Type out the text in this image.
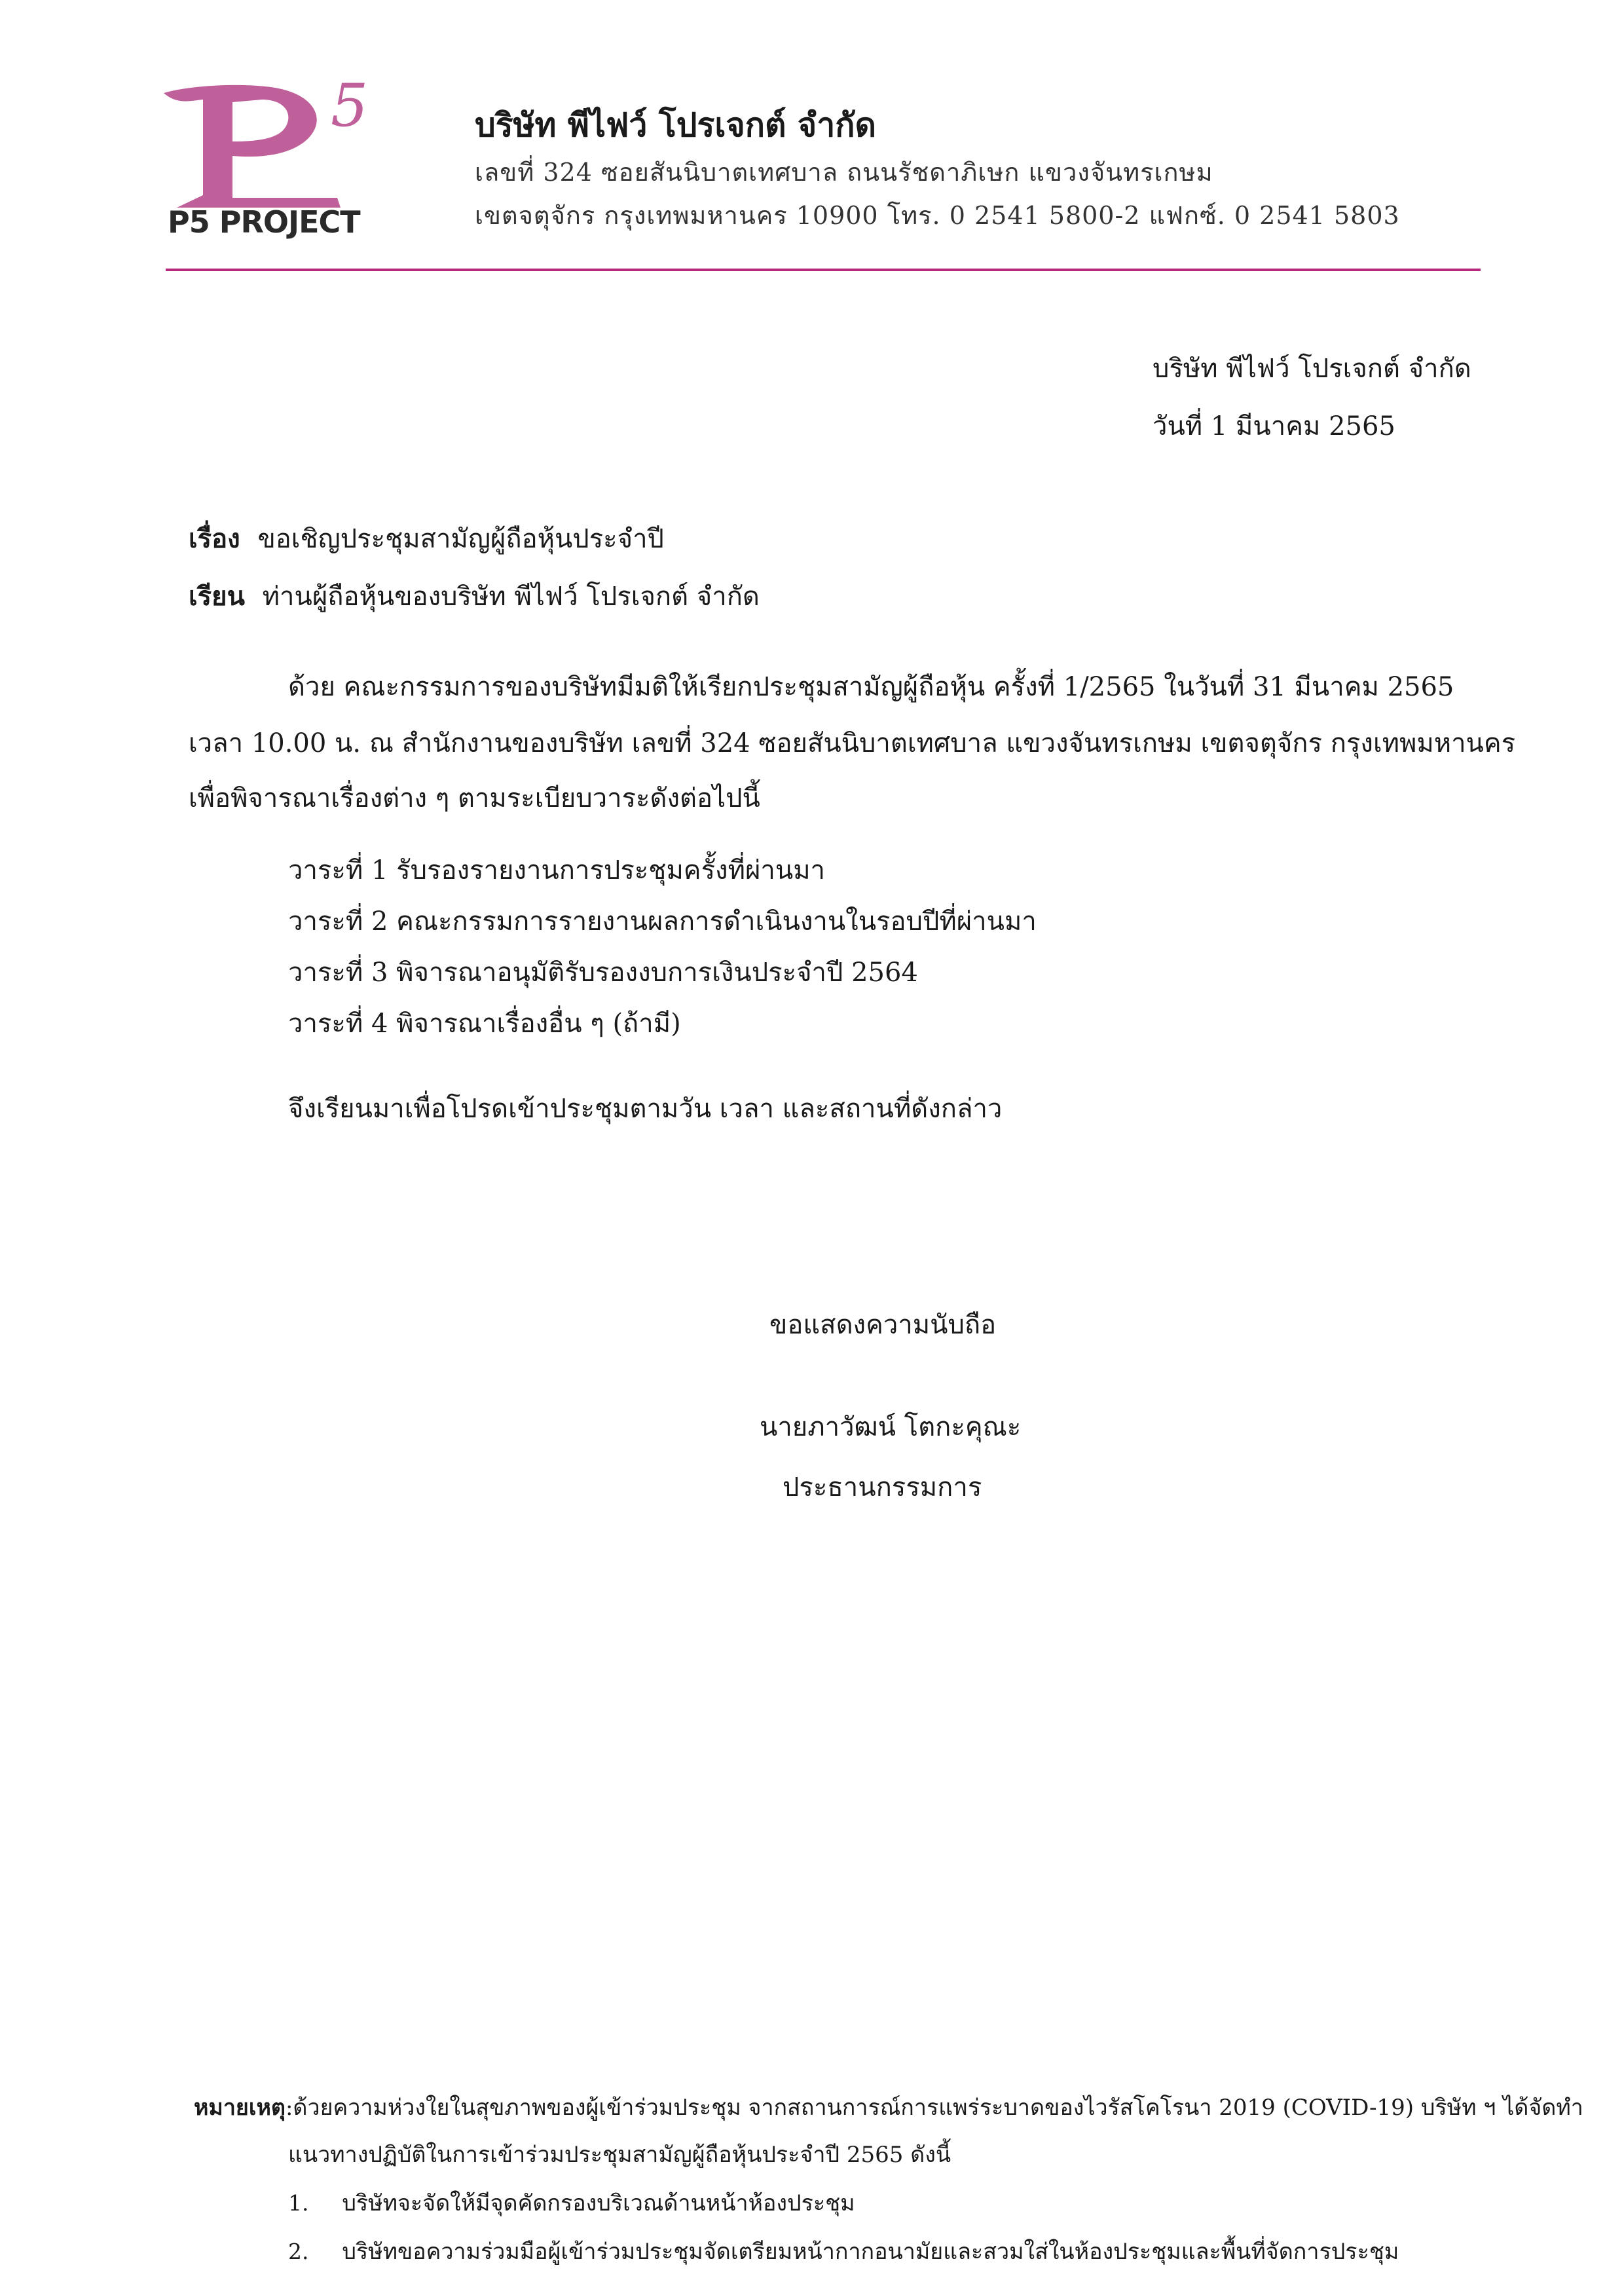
5
P5 PROJECT
บริษัท พีไฟว์ โปรเจกต์ จำกัด
เลขที่ 324 ซอยสันนิบาตเทศบาล ถนนรัชดาภิเษก แขวงจันทรเกษม
เขตจตุจักร กรุงเทพมหานคร 10900 โทร. 0 2541 5800-2 แฟกซ์. 0 2541 5803
บริษัท พีไฟว์ โปรเจกต์ จำกัด
วันที่ 1 มีนาคม 2565
เรื่อง ขอเชิญประชุมสามัญผู้ถือหุ้นประจำปี
เรียน ท่านผู้ถือหุ้นของบริษัท พีไฟว์ โปรเจกต์ จำกัด
ด้วย คณะกรรมการของบริษัทมีมติให้เรียกประชุมสามัญผู้ถือหุ้น ครั้งที่ 1/2565 ในวันที่ 31 มีนาคม 2565
เวลา 10.00 น. ณ สำนักงานของบริษัท เลขที่ 324 ซอยสันนิบาตเทศบาล แขวงจันทรเกษม เขตจตุจักร กรุงเทพมหานคร
เพื่อพิจารณาเรื่องต่าง ๆ ตามระเบียบวาระดังต่อไปนี้
วาระที่ 1 รับรองรายงานการประชุมครั้งที่ผ่านมา
วาระที่ 2 คณะกรรมการรายงานผลการดำเนินงานในรอบปีที่ผ่านมา
วาระที่ 3 พิจารณาอนุมัติรับรองงบการเงินประจำปี 2564
วาระที่ 4 พิจารณาเรื่องอื่น ๆ (ถ้ามี)
จึงเรียนมาเพื่อโปรดเข้าประชุมตามวัน เวลา และสถานที่ดังกล่าว
ขอแสดงความนับถือ
นายภาวัฒน์ โตกะคุณะ
ประธานกรรมการ
หมายเหตุ:ด้วยความห่วงใยในสุขภาพของผู้เข้าร่วมประชุม จากสถานการณ์การแพร่ระบาดของไวรัสโคโรนา 2019 (COVID-19) บริษัท ฯ ได้จัดทำ
แนวทางปฏิบัติในการเข้าร่วมประชุมสามัญผู้ถือหุ้นประจำปี 2565 ดังนี้
1. บริษัทจะจัดให้มีจุดคัดกรองบริเวณด้านหน้าห้องประชุม
2. บริษัทขอความร่วมมือผู้เข้าร่วมประชุมจัดเตรียมหน้ากากอนามัยและสวมใส่ในห้องประชุมและพื้นที่จัดการประชุม
